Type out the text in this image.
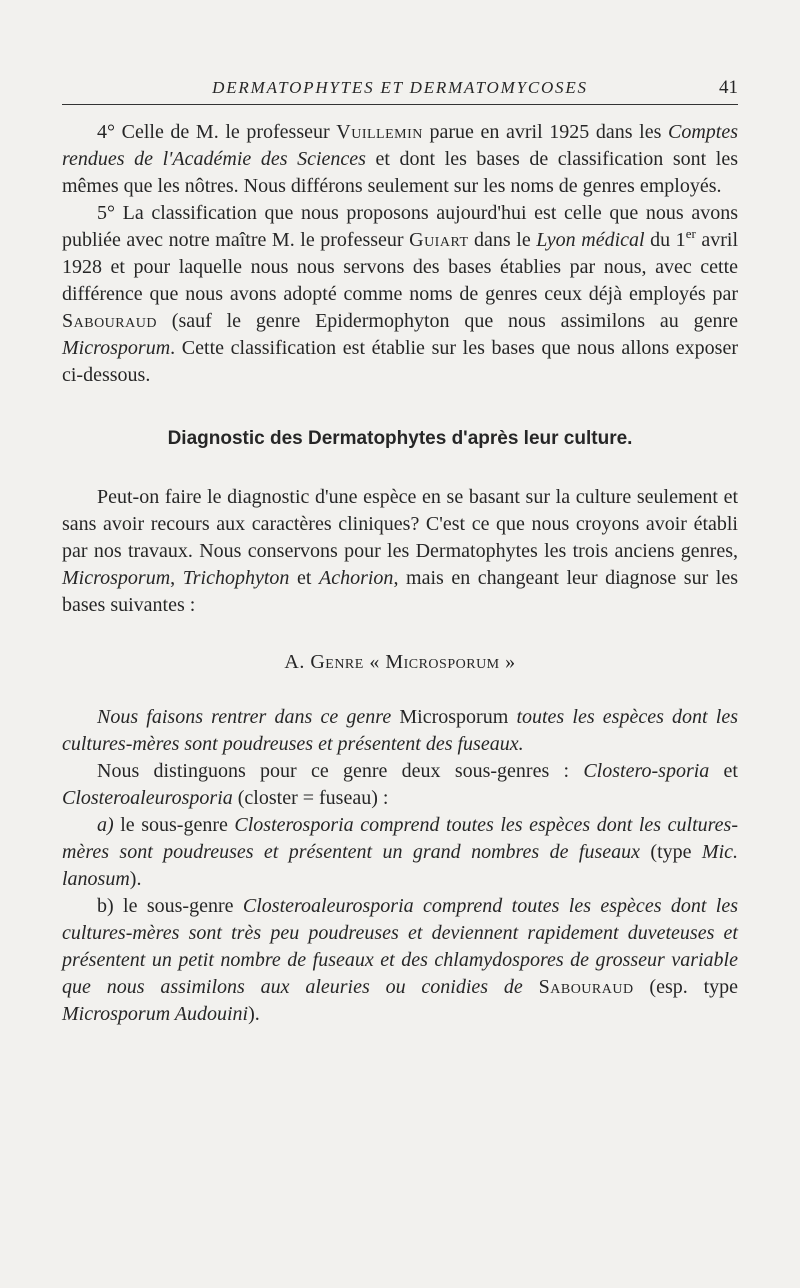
DERMATOPHYTES ET DERMATOMYCOSES	41

4° Celle de M. le professeur Vuillemin parue en avril 1925 dans les Comptes rendues de l'Académie des Sciences et dont les bases de classification sont les mêmes que les nôtres. Nous différons seulement sur les noms de genres employés.

5° La classification que nous proposons aujourd'hui est celle que nous avons publiée avec notre maître M. le professeur Guiart dans le Lyon médical du 1er avril 1928 et pour laquelle nous nous servons des bases établies par nous, avec cette différence que nous avons adopté comme noms de genres ceux déjà employés par Sabouraud (sauf le genre Epidermophyton que nous assimilons au genre Microsporum. Cette classification est établie sur les bases que nous allons exposer ci-dessous.

Diagnostic des Dermatophytes d'après leur culture.

Peut-on faire le diagnostic d'une espèce en se basant sur la culture seulement et sans avoir recours aux caractères cliniques? C'est ce que nous croyons avoir établi par nos travaux. Nous conservons pour les Dermatophytes les trois anciens genres, Microsporum, Trichophyton et Achorion, mais en changeant leur diagnose sur les bases suivantes :

A. Genre « Microsporum »

Nous faisons rentrer dans ce genre Microsporum toutes les espèces dont les cultures-mères sont poudreuses et présentent des fuseaux.

Nous distinguons pour ce genre deux sous-genres : Clostero-sporia et Closteroaleurosporia (closter = fuseau) :

a) le sous-genre Closterosporia comprend toutes les espèces dont les cultures-mères sont poudreuses et présentent un grand nombres de fuseaux (type Mic. lanosum).

b) le sous-genre Closteroaleurosporia comprend toutes les espèces dont les cultures-mères sont très peu poudreuses et deviennent rapidement duveteuses et présentent un petit nombre de fuseaux et des chlamydospores de grosseur variable que nous assimilons aux aleuries ou conidies de Sabouraud (esp. type Microsporum Audouini).
